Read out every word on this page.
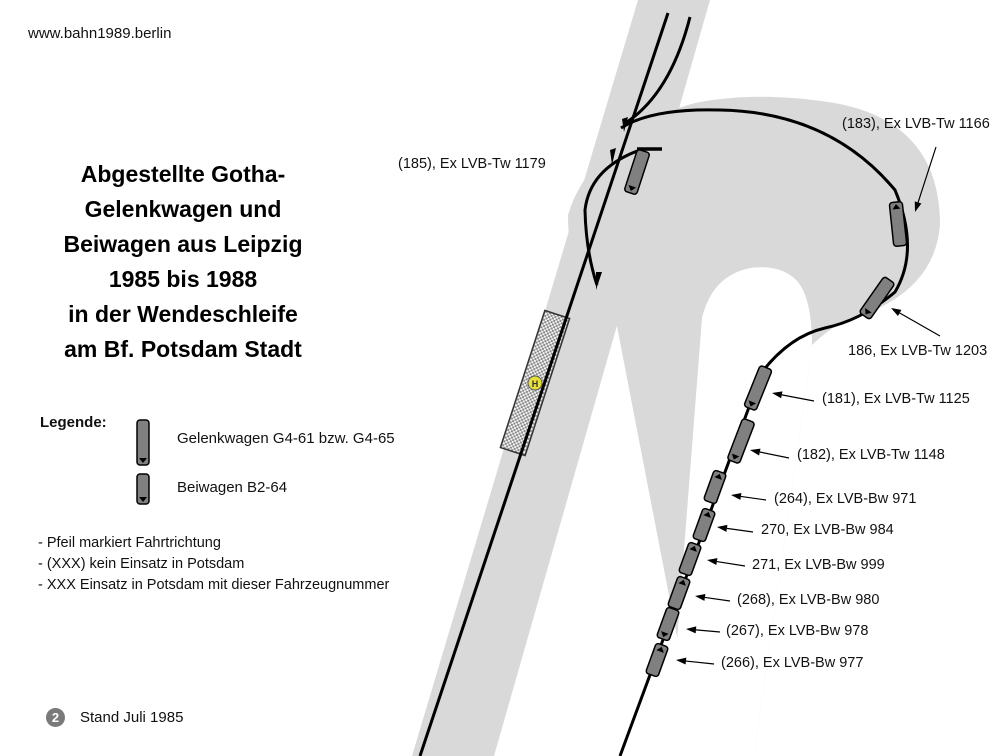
H
www.bahn1989.berlin
Abgestellte Gotha-
Gelenkwagen und
Beiwagen aus Leipzig
1985 bis 1988
in der Wendeschleife
am Bf. Potsdam Stadt
Legende:
Gelenkwagen G4-61 bzw. G4-65
Beiwagen B2-64
- Pfeil markiert Fahrtrichtung
- (XXX) kein Einsatz in Potsdam
- XXX Einsatz in Potsdam mit dieser Fahrzeugnummer
2	Stand Juli 1985
(185), Ex LVB-Tw 1179
(183), Ex LVB-Tw 1166
186, Ex LVB-Tw 1203
(181), Ex LVB-Tw 1125
(182), Ex LVB-Tw 1148
(264), Ex LVB-Bw 971
270, Ex LVB-Bw 984
271, Ex LVB-Bw 999
(268), Ex LVB-Bw 980
(267), Ex LVB-Bw 978
(266), Ex LVB-Bw 977
